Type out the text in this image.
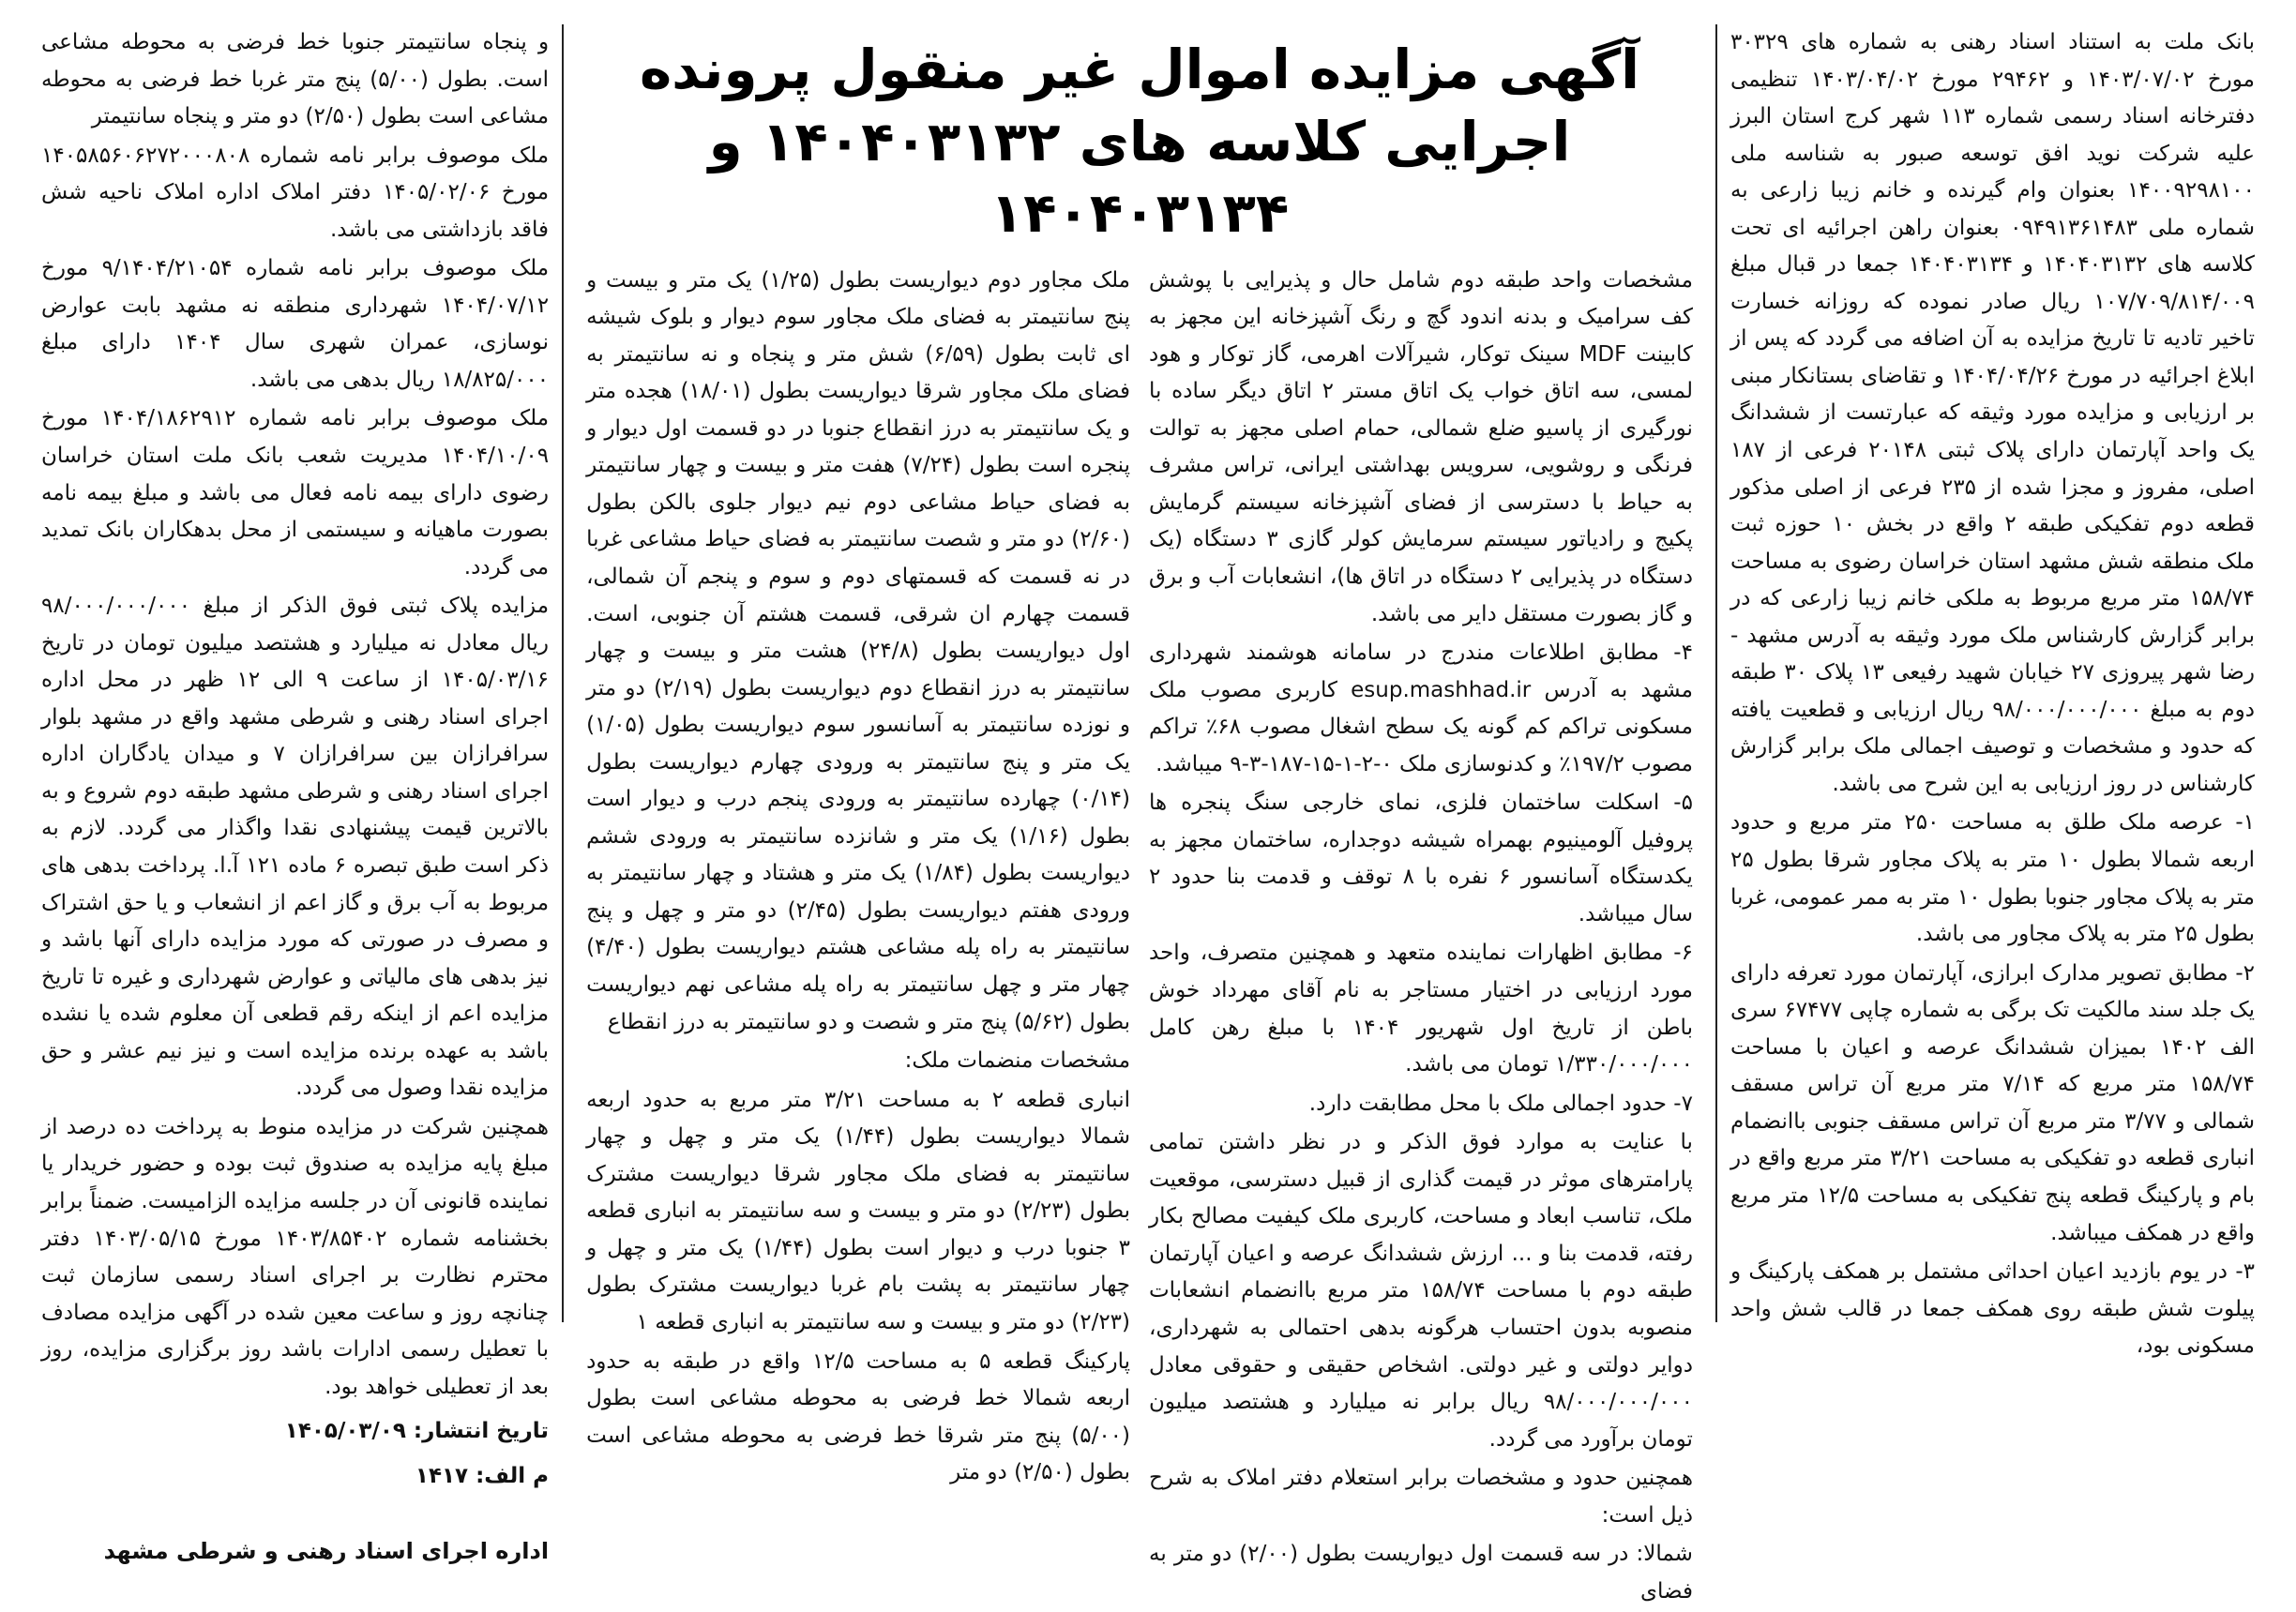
بانک ملت به استناد اسناد رهنی به شماره های ۳۰۳۲۹ مورخ ۱۴۰۳/۰۷/۰۲ و ۲۹۴۶۲ مورخ ۱۴۰۳/۰۴/۰۲ تنظیمی دفترخانه اسناد رسمی شماره ۱۱۳ شهر کرج استان البرز علیه شرکت نوید افق توسعه صبور به شناسه ملی ۱۴۰۰۹۲۹۸۱۰۰ بعنوان وام گیرنده و خانم زیبا زارعی به شماره ملی ۰۹۴۹۱۳۶۱۴۸۳ بعنوان راهن اجرائیه ای تحت کلاسه های ۱۴۰۴۰۳۱۳۲ و ۱۴۰۴۰۳۱۳۴ جمعا در قبال مبلغ ۱۰۷/۷۰۹/۸۱۴/۰۰۹ ریال صادر نموده که روزانه خسارت تاخیر تادیه تا تاریخ مزایده به آن اضافه می گردد که پس از ابلاغ اجرائیه در مورخ ۱۴۰۴/۰۴/۲۶ و تقاضای بستانکار مبنی بر ارزیابی و مزایده مورد وثیقه که عبارتست از ششدانگ یک واحد آپارتمان دارای پلاک ثبتی ۲۰۱۴۸ فرعی از ۱۸۷ اصلی، مفروز و مجزا شده از ۲۳۵ فرعی از اصلی مذکور قطعه دوم تفکیکی طبقه ۲ واقع در بخش ۱۰ حوزه ثبت ملک منطقه شش مشهد استان خراسان رضوی به مساحت ۱۵۸/۷۴ متر مربع مربوط به ملکی خانم زیبا زارعی که در برابر گزارش کارشناس ملک مورد وثیقه به آدرس مشهد - رضا شهر پیروزی ۲۷ خیابان شهید رفیعی ۱۳ پلاک ۳۰ طبقه دوم به مبلغ ۹۸/۰۰۰/۰۰۰/۰۰۰ ریال ارزیابی و قطعیت یافته که حدود و مشخصات و توصیف اجمالی ملک برابر گزارش کارشناس در روز ارزیابی به این شرح می باشد.

۱- عرصه ملک طلق به مساحت ۲۵۰ متر مربع و حدود اربعه شمالا بطول ۱۰ متر به پلاک مجاور شرقا بطول ۲۵ متر به پلاک مجاور جنوبا بطول ۱۰ متر به ممر عمومی، غربا بطول ۲۵ متر به پلاک مجاور می باشد.

۲- مطابق تصویر مدارک ابرازی، آپارتمان مورد تعرفه دارای یک جلد سند مالکیت تک برگی به شماره چاپی ۶۷۴۷۷ سری الف ۱۴۰۲ بمیزان ششدانگ عرصه و اعیان با مساحت ۱۵۸/۷۴ متر مربع که ۷/۱۴ متر مربع آن تراس مسقف شمالی و ۳/۷۷ متر مربع آن تراس مسقف جنوبی باانضمام انباری قطعه دو تفکیکی به مساحت ۳/۲۱ متر مربع واقع در بام و پارکینگ قطعه پنج تفکیکی به مساحت ۱۲/۵ متر مربع واقع در همکف میباشد.

۳- در یوم بازدید اعیان احداثی مشتمل بر همکف پارکینگ و پیلوت شش طبقه روی همکف جمعا در قالب شش واحد مسکونی بود،

آگهی مزایده اموال غیر منقول پرونده اجرایی کلاسه های ۱۴۰۴۰۳۱۳۲ و ۱۴۰۴۰۳۱۳۴

مشخصات واحد طبقه دوم شامل حال و پذیرایی با پوشش کف سرامیک و بدنه اندود گچ و رنگ آشپزخانه این مجهز به کابینت MDF سینک توکار، شیرآلات اهرمی، گاز توکار و هود لمسی، سه اتاق خواب یک اتاق مستر ۲ اتاق دیگر ساده با نورگیری از پاسیو ضلع شمالی، حمام اصلی مجهز به توالت فرنگی و روشویی، سرویس بهداشتی ایرانی، تراس مشرف به حیاط با دسترسی از فضای آشپزخانه سیستم گرمایش پکیج و رادیاتور سیستم سرمایش کولر گازی ۳ دستگاه (یک دستگاه در پذیرایی ۲ دستگاه در اتاق ها)، انشعابات آب و برق و گاز بصورت مستقل دایر می باشد.

۴- مطابق اطلاعات مندرج در سامانه هوشمند شهرداری مشهد به آدرس esup.mashhad.ir کاربری مصوب ملک مسکونی تراکم کم گونه یک سطح اشغال مصوب ۶۸٪ تراکم مصوب ۱۹۷/۲٪ و کدنوسازی ملک ۰-۲-۱-۱۵-۱۸۷-۳-۹ میباشد.

۵- اسکلت ساختمان فلزی، نمای خارجی سنگ پنجره ها پروفیل آلومینیوم بهمراه شیشه دوجداره، ساختمان مجهز به یکدستگاه آسانسور ۶ نفره با ۸ توقف و قدمت بنا حدود ۲ سال میباشد.

۶- مطابق اظهارات نماینده متعهد و همچنین متصرف، واحد مورد ارزیابی در اختیار مستاجر به نام آقای مهرداد خوش باطن از تاریخ اول شهریور ۱۴۰۴ با مبلغ رهن کامل ۱/۳۳۰/۰۰۰/۰۰۰ تومان می باشد.

۷- حدود اجمالی ملک با محل مطابقت دارد.

با عنایت به موارد فوق الذکر و در نظر داشتن تمامی پارامترهای موثر در قیمت گذاری از قبیل دسترسی، موقعیت ملک، تناسب ابعاد و مساحت، کاربری ملک کیفیت مصالح بکار رفته، قدمت بنا و ... ارزش ششدانگ عرصه و اعیان آپارتمان طبقه دوم با مساحت ۱۵۸/۷۴ متر مربع باانضمام انشعابات منصوبه بدون احتساب هرگونه بدهی احتمالی به شهرداری، دوایر دولتی و غیر دولتی. اشخاص حقیقی و حقوقی معادل ۹۸/۰۰۰/۰۰۰/۰۰۰ ریال برابر نه میلیارد و هشتصد میلیون تومان برآورد می گردد.

همچنین حدود و مشخصات برابر استعلام دفتر املاک به شرح ذیل است:

شمالا: در سه قسمت اول دیواریست بطول (۲/۰۰) دو متر به فضای

ملک مجاور دوم دیواریست بطول (۱/۲۵) یک متر و بیست و پنج سانتیمتر به فضای ملک مجاور سوم دیوار و بلوک شیشه ای ثابت بطول (۶/۵۹) شش متر و پنجاه و نه سانتیمتر به فضای ملک مجاور شرقا دیواریست بطول (۱۸/۰۱) هجده متر و یک سانتیمتر به درز انقطاع جنوبا در دو قسمت اول دیوار و پنجره است بطول (۷/۲۴) هفت متر و بیست و چهار سانتیمتر به فضای حیاط مشاعی دوم نیم دیوار جلوی بالکن بطول (۲/۶۰) دو متر و شصت سانتیمتر به فضای حیاط مشاعی غربا در نه قسمت که قسمتهای دوم و سوم و پنجم آن شمالی، قسمت چهارم ان شرقی، قسمت هشتم آن جنوبی، است. اول دیواریست بطول (۲۴/۸) هشت متر و بیست و چهار سانتیمتر به درز انقطاع دوم دیواریست بطول (۲/۱۹) دو متر و نوزده سانتیمتر به آسانسور سوم دیواریست بطول (۱/۰۵) یک متر و پنج سانتیمتر به ورودی چهارم دیواریست بطول (۰/۱۴) چهارده سانتیمتر به ورودی پنجم درب و دیوار است بطول (۱/۱۶) یک متر و شانزده سانتیمتر به ورودی ششم دیواریست بطول (۱/۸۴) یک متر و هشتاد و چهار سانتیمتر به ورودی هفتم دیواریست بطول (۲/۴۵) دو متر و چهل و پنج سانتیمتر به راه پله مشاعی هشتم دیواریست بطول (۴/۴۰) چهار متر و چهل سانتیمتر به راه پله مشاعی نهم دیواریست بطول (۵/۶۲) پنج متر و شصت و دو سانتیمتر به درز انقطاع

مشخصات منضمات ملک:

انباری قطعه ۲ به مساحت ۳/۲۱ متر مربع به حدود اربعه شمالا دیواریست بطول (۱/۴۴) یک متر و چهل و چهار سانتیمتر به فضای ملک مجاور شرقا دیواریست مشترک بطول (۲/۲۳) دو متر و بیست و سه سانتیمتر به انباری قطعه ۳ جنوبا درب و دیوار است بطول (۱/۴۴) یک متر و چهل و چهار سانتیمتر به پشت بام غربا دیواریست مشترک بطول (۲/۲۳) دو متر و بیست و سه سانتیمتر به انباری قطعه ۱

پارکینگ قطعه ۵ به مساحت ۱۲/۵ واقع در طبقه به حدود اربعه شمالا خط فرضی به محوطه مشاعی است بطول (۵/۰۰) پنج متر شرقا خط فرضی به محوطه مشاعی است بطول (۲/۵۰) دو متر

و پنجاه سانتیمتر جنوبا خط فرضی به محوطه مشاعی است. بطول (۵/۰۰) پنج متر غربا خط فرضی به محوطه مشاعی است بطول (۲/۵۰) دو متر و پنجاه سانتیمتر

ملک موصوف برابر نامه شماره ۱۴۰۵۸۵۶۰۶۲۷۲۰۰۰۸۰۸ مورخ ۱۴۰۵/۰۲/۰۶ دفتر املاک اداره املاک ناحیه شش فاقد بازداشتی می باشد.

ملک موصوف برابر نامه شماره ۹/۱۴۰۴/۲۱۰۵۴ مورخ ۱۴۰۴/۰۷/۱۲ شهرداری منطقه نه مشهد بابت عوارض نوسازی، عمران شهری سال ۱۴۰۴ دارای مبلغ ۱۸/۸۲۵/۰۰۰ ریال بدهی می باشد.

ملک موصوف برابر نامه شماره ۱۴۰۴/۱۸۶۲۹۱۲ مورخ ۱۴۰۴/۱۰/۰۹ مدیریت شعب بانک ملت استان خراسان رضوی دارای بیمه نامه فعال می باشد و مبلغ بیمه نامه بصورت ماهیانه و سیستمی از محل بدهکاران بانک تمدید می گردد.

مزایده پلاک ثبتی فوق الذکر از مبلغ ۹۸/۰۰۰/۰۰۰/۰۰۰ ریال معادل نه میلیارد و هشتصد میلیون تومان در تاریخ ۱۴۰۵/۰۳/۱۶ از ساعت ۹ الی ۱۲ ظهر در محل اداره اجرای اسناد رهنی و شرطی مشهد واقع در مشهد بلوار سرافرازان بین سرافرازان ۷ و میدان یادگاران اداره اجرای اسناد رهنی و شرطی مشهد طبقه دوم شروع و به بالاترین قیمت پیشنهادی نقدا واگذار می گردد. لازم به ذکر است طبق تبصره ۶ ماده ۱۲۱ آ.ا. پرداخت بدهی های مربوط به آب برق و گاز اعم از انشعاب و یا حق اشتراک و مصرف در صورتی که مورد مزایده دارای آنها باشد و نیز بدهی های مالیاتی و عوارض شهرداری و غیره تا تاریخ مزایده اعم از اینکه رقم قطعی آن معلوم شده یا نشده باشد به عهده برنده مزایده است و نیز نیم عشر و حق مزایده نقدا وصول می گردد.

همچنین شرکت در مزایده منوط به پرداخت ده درصد از مبلغ پایه مزایده به صندوق ثبت بوده و حضور خریدار یا نماینده قانونی آن در جلسه مزایده الزامیست. ضمناً برابر بخشنامه شماره ۱۴۰۳/۸۵۴۰۲ مورخ ۱۴۰۳/۰۵/۱۵ دفتر محترم نظارت بر اجرای اسناد رسمی سازمان ثبت چنانچه روز و ساعت معین شده در آگهی مزایده مصادف با تعطیل رسمی ادارات باشد روز برگزاری مزایده، روز بعد از تعطیلی خواهد بود.

تاریخ انتشار: ۱۴۰۵/۰۳/۰۹

م الف: ۱۴۱۷

اداره اجرای اسناد رهنی و شرطی مشهد
